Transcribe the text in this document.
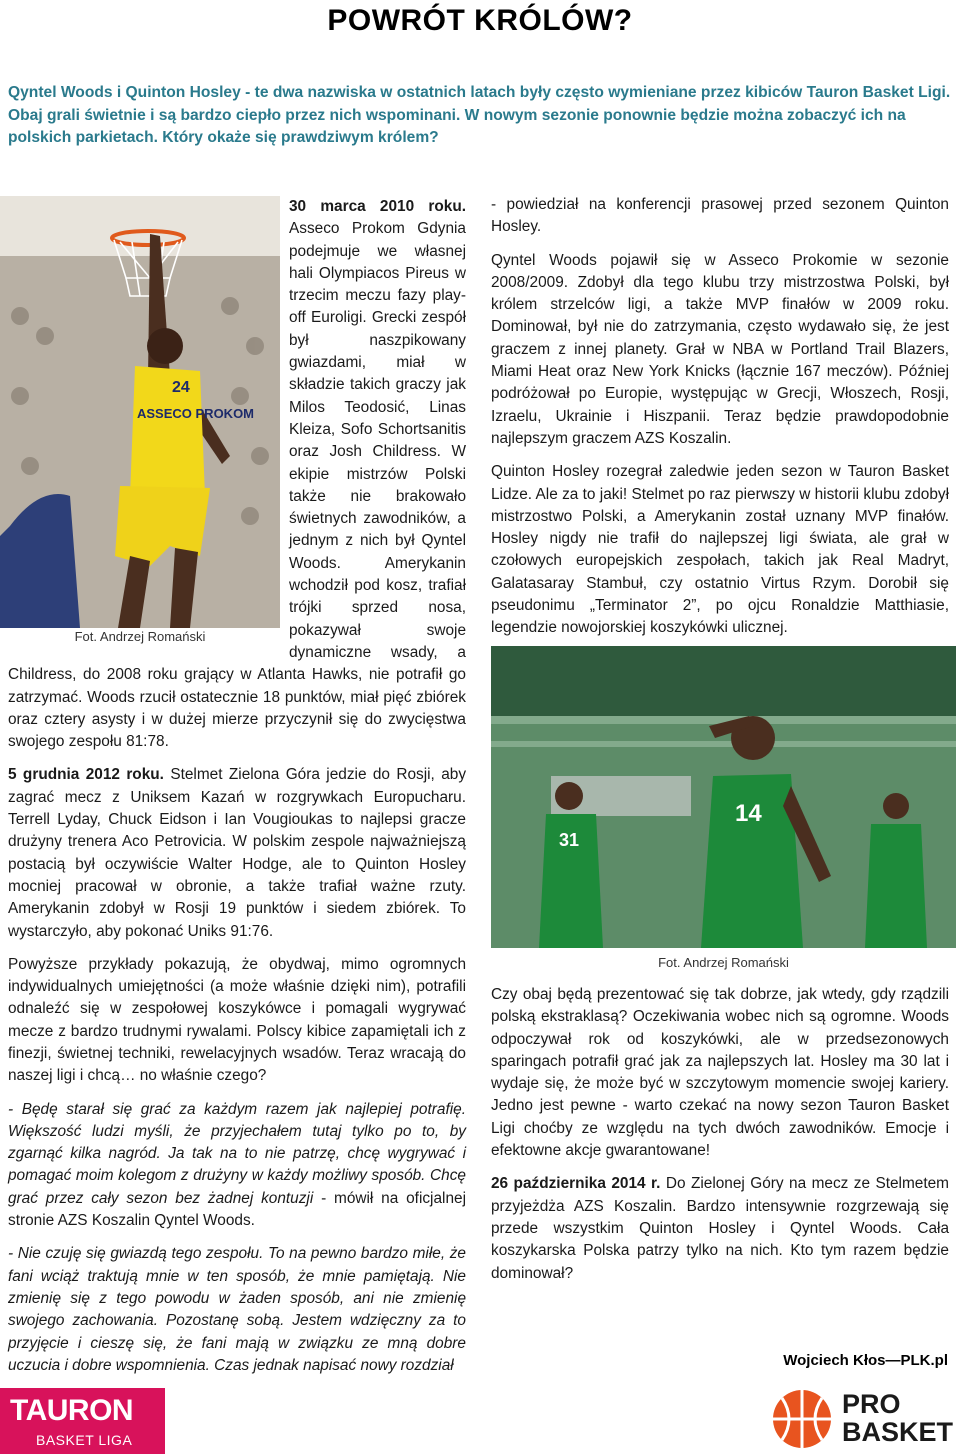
POWRÓT KRÓLÓW?
Qyntel Woods i Quinton Hosley - te dwa nazwiska w ostatnich latach były często wymieniane przez kibiców Tauron Basket Ligi. Obaj grali świetnie i są bardzo ciepło przez nich wspominani. W nowym sezonie ponownie będzie można zobaczyć ich na polskich parkietach. Który okaże się prawdziwym królem?
ASSECO PROKOM
24
Fot. Andrzej Romański

30 marca 2010 roku. Asseco Prokom Gdynia podejmuje we własnej hali Olympiacos Pireus w trzecim meczu fazy play-off Euroligi. Grecki zespół był naszpikowany gwiazdami, miał w składzie takich graczy jak Milos Teodosić, Linas Kleiza, Sofo Schortsanitis oraz Josh Childress. W ekipie mistrzów Polski także nie brakowało świetnych zawodników, a jednym z nich był Qyntel Woods. Amerykanin wchodził pod kosz, trafiał trójki sprzed nosa, pokazywał swoje dynamiczne wsady, a Childress, do 2008 roku grający w Atlanta Hawks, nie potrafił go zatrzymać. Woods rzucił ostatecznie 18 punktów, miał pięć zbiórek oraz cztery asysty i w dużej mierze przyczynił się do zwycięstwa swojego zespołu 81:78.

5 grudnia 2012 roku. Stelmet Zielona Góra jedzie do Rosji, aby zagrać mecz z Uniksem Kazań w rozgrywkach Europucharu. Terrell Lyday, Chuck Eidson i Ian Vougioukas to najlepsi gracze drużyny trenera Aco Petrovicia. W polskim zespole najważniejszą postacią był oczywiście Walter Hodge, ale to Quinton Hosley mocniej pracował w obronie, a także trafiał ważne rzuty. Amerykanin zdobył w Rosji 19 punktów i siedem zbiórek. To wystarczyło, aby pokonać Uniks 91:76.

Powyższe przykłady pokazują, że obydwaj, mimo ogromnych indywidualnych umiejętności (a może właśnie dzięki nim), potrafili odnaleźć się w zespołowej koszykówce i pomagali wygrywać mecze z bardzo trudnymi rywalami. Polscy kibice zapamiętali ich z finezji, świetnej techniki, rewelacyjnych wsadów. Teraz wracają do naszej ligi i chcą… no właśnie czego?

- Będę starał się grać za każdym razem jak najlepiej potrafię. Większość ludzi myśli, że przyjechałem tutaj tylko po to, by zgarnąć kilka nagród. Ja tak na to nie patrzę, chcę wygrywać i pomagać moim kolegom z drużyny w każdy możliwy sposób. Chcę grać przez cały sezon bez żadnej kontuzji - mówił na oficjalnej stronie AZS Koszalin Qyntel Woods.

- Nie czuję się gwiazdą tego zespołu. To na pewno bardzo miłe, że fani wciąż traktują mnie w ten sposób, że mnie pamiętają. Nie zmienię się z tego powodu w żaden sposób, ani nie zmienię swojego zachowania. Pozostanę sobą. Jestem wdzięczny za to przyjęcie i cieszę się, że fani mają w związku ze mną dobre uczucia i dobre wspomnienia. Czas jednak napisać nowy rozdział

- powiedział na konferencji prasowej przed sezonem Quinton Hosley.

Qyntel Woods pojawił się w Asseco Prokomie w sezonie 2008/2009. Zdobył dla tego klubu trzy mistrzostwa Polski, był królem strzelców ligi, a także MVP finałów w 2009 roku. Dominował, był nie do zatrzymania, często wydawało się, że jest graczem z innej planety. Grał w NBA w Portland Trail Blazers, Miami Heat oraz New York Knicks (łącznie 167 meczów). Później podróżował po Europie, występując w Grecji, Włoszech, Rosji, Izraelu, Ukrainie i Hiszpanii. Teraz będzie prawdopodobnie najlepszym graczem AZS Koszalin.

Quinton Hosley rozegrał zaledwie jeden sezon w Tauron Basket Lidze. Ale za to jaki! Stelmet po raz pierwszy w historii klubu zdobył mistrzostwo Polski, a Amerykanin został uznany MVP finałów. Hosley nigdy nie trafił do najlepszej ligi świata, ale grał w czołowych europejskich zespołach, takich jak Real Madryt, Galatasaray Stambuł, czy ostatnio Virtus Rzym. Dorobił się pseudonimu „Terminator 2”, po ojcu Ronaldzie Matthiasie, legendzie nowojorskiej koszykówki ulicznej.

14
31
Fot. Andrzej Romański

Czy obaj będą prezentować się tak dobrze, jak wtedy, gdy rządzili polską ekstraklasą? Oczekiwania wobec nich są ogromne. Woods odpoczywał rok od koszykówki, ale w przedsezonowych sparingach potrafił grać jak za najlepszych lat. Hosley ma 30 lat i wydaje się, że może być w szczytowym momencie swojej kariery. Jedno jest pewne - warto czekać na nowy sezon Tauron Basket Ligi choćby ze względu na tych dwóch zawodników. Emocje i efektowne akcje gwarantowane!

26 października 2014 r. Do Zielonej Góry na mecz ze Stelmetem przyjeżdża AZS Koszalin. Bardzo intensywnie rozgrzewają się przede wszystkim Quinton Hosley i Qyntel Woods. Cała koszykarska Polska patrzy tylko na nich. Kto tym razem będzie dominował?

Wojciech Kłos—PLK.pl
TAURON
BASKET LIGA
PRO
BASKET
